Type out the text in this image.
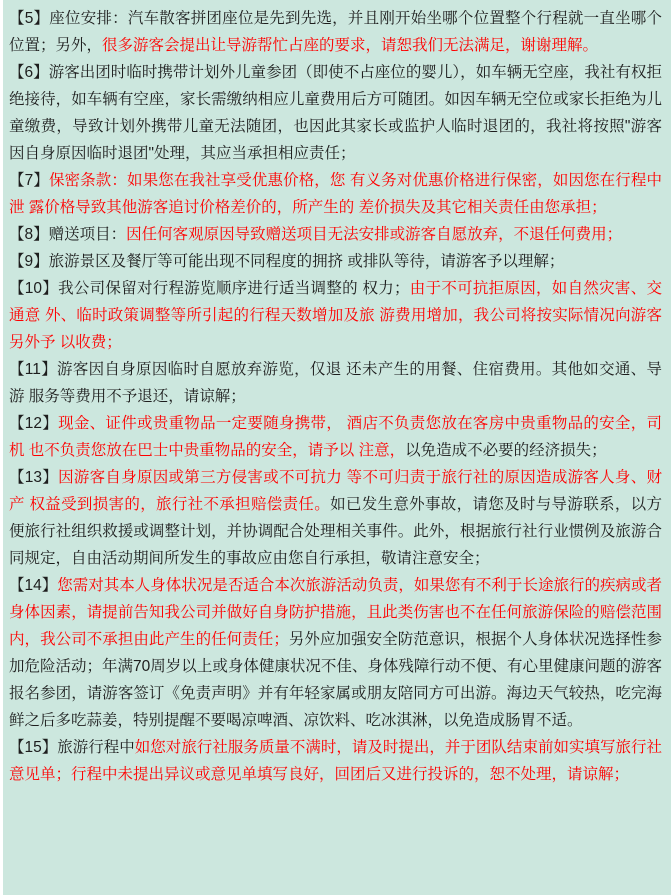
【5】座位安排：汽车散客拼团座位是先到先选，并且刚开始坐哪个位置整个行程就一直坐哪个位置；另外，很多游客会提出让导游帮忙占座的要求，请恕我们无法满足，谢谢理解。

【6】游客出团时临时携带计划外儿童参团（即使不占座位的婴儿），如车辆无空座，我社有权拒绝接待，如车辆有空座，家长需缴纳相应儿童费用后方可随团。如因车辆无空位或家长拒绝为儿童缴费，导致计划外携带儿童无法随团，也因此其家长或监护人临时退团的，我社将按照"游客因自身原因临时退团"处理，其应当承担相应责任；

【7】保密条款：如果您在我社享受优惠价格，您 有义务对优惠价格进行保密，如因您在行程中泄 露价格导致其他游客追讨价格差价的，所产生的 差价损失及其它相关责任由您承担；

【8】赠送项目：因任何客观原因导致赠送项目无法安排或游客自愿放弃，不退任何费用；

【9】旅游景区及餐厅等可能出现不同程度的拥挤 或排队等待，请游客予以理解；

【10】我公司保留对行程游览顺序进行适当调整的 权力；由于不可抗拒原因，如自然灾害、交通意 外、临时政策调整等所引起的行程天数增加及旅 游费用增加，我公司将按实际情况向游客另外予 以收费；

【11】游客因自身原因临时自愿放弃游览，仅退 还未产生的用餐、住宿费用。其他如交通、导游 服务等费用不予退还，请谅解；

【12】现金、证件或贵重物品一定要随身携带， 酒店不负责您放在客房中贵重物品的安全，司机 也不负责您放在巴士中贵重物品的安全，请予以 注意，以免造成不必要的经济损失；

【13】因游客自身原因或第三方侵害或不可抗力 等不可归责于旅行社的原因造成游客人身、财产 权益受到损害的，旅行社不承担赔偿责任。如已发生意外事故，请您及时与导游联系，以方便旅行社组织救援或调整计划，并协调配合处理相关事件。此外，根据旅行社行业惯例及旅游合同规定，自由活动期间所发生的事故应由您自行承担，敬请注意安全；

【14】您需对其本人身体状况是否适合本次旅游活动负责，如果您有不利于长途旅行的疾病或者身体因素，请提前告知我公司并做好自身防护措施，且此类伤害也不在任何旅游保险的赔偿范围内，我公司不承担由此产生的任何责任；另外应加强安全防范意识，根据个人身体状况选择性参加危险活动；年满70周岁以上或身体健康状况不佳、身体残障行动不便、有心里健康问题的游客报名参团，请游客签订《免责声明》并有年轻家属或朋友陪同方可出游。海边天气较热，吃完海鲜之后多吃蒜姜，特别提醒不要喝凉啤酒、凉饮料、吃冰淇淋，以免造成肠胃不适。

【15】旅游行程中如您对旅行社服务质量不满时，请及时提出，并于团队结束前如实填写旅行社意见单；行程中未提出异议或意见单填写良好，回团后又进行投诉的，恕不处理，请谅解；
